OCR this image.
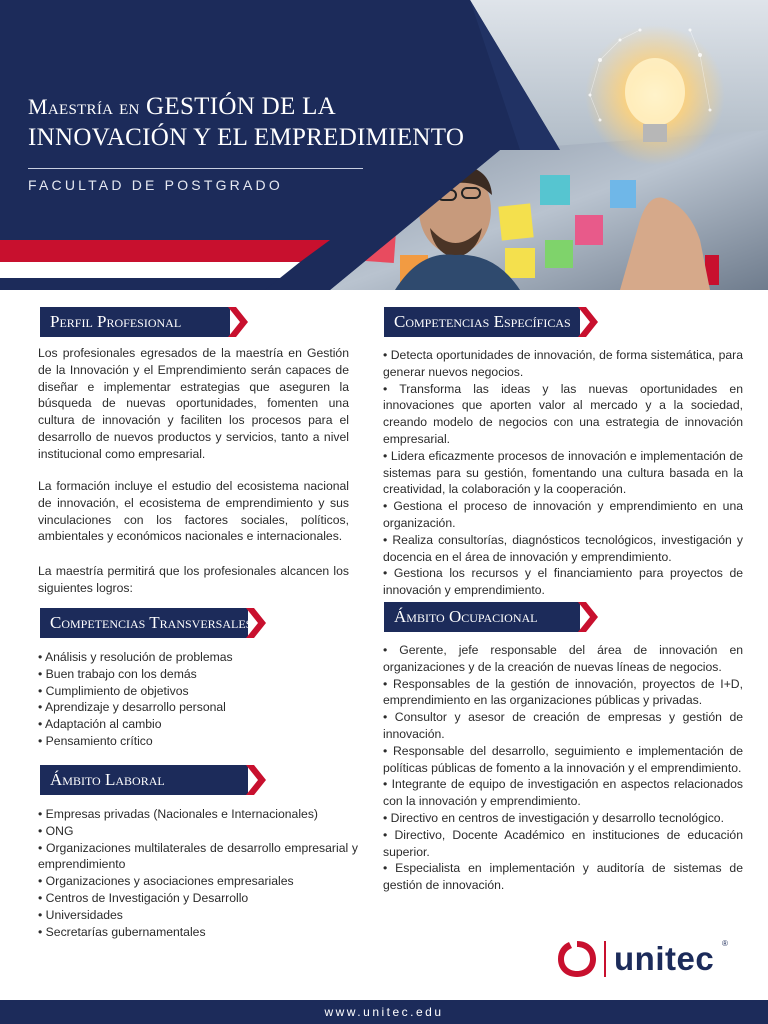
Maestría en GESTIÓN DE LA
INNOVACIÓN Y EL EMPREDIMIENTO
FACULTAD DE POSTGRADO
Perfil Profesional
Los profesionales egresados de la maestría en Gestión de la Innovación y el Emprendimiento serán capaces de diseñar e implementar estrategias que aseguren la búsqueda de nuevas oportunidades, fomenten una cultura de innovación y faciliten los procesos para el desarrollo de nuevos productos y servicios, tanto a nivel institucional como empresarial.
La formación incluye el estudio del ecosistema nacional de innovación, el ecosistema de emprendimiento y sus vinculaciones con los factores sociales, políticos, ambientales y económicos nacionales e internacionales.
La maestría permitirá que los profesionales alcancen los siguientes logros:
Competencias Transversales
• Análisis y resolución de problemas
• Buen trabajo con los demás
• Cumplimiento de objetivos
• Aprendizaje y desarrollo personal
• Adaptación al cambio
• Pensamiento crítico
Ámbito Laboral
• Empresas privadas (Nacionales e Internacionales)
• ONG
• Organizaciones multilaterales de desarrollo empresarial y emprendimiento
• Organizaciones y asociaciones empresariales
• Centros de Investigación y Desarrollo
• Universidades
• Secretarías gubernamentales
Competencias Específicas
• Detecta oportunidades de innovación, de forma sistemática, para generar nuevos negocios.
• Transforma las ideas y las nuevas oportunidades en innovaciones que aporten valor al mercado y a la sociedad, creando modelo de negocios con una estrategia de innovación empresarial.
• Lidera eficazmente procesos de innovación e implementación de sistemas para su gestión, fomentando una cultura basada en la creatividad, la colaboración y la cooperación.
• Gestiona el proceso de innovación y emprendimiento en una organización.
• Realiza consultorías, diagnósticos tecnológicos, investigación y docencia en el área de innovación y emprendimiento.
• Gestiona los recursos y el financiamiento para proyectos de innovación y emprendimiento.
Ámbito Ocupacional
• Gerente, jefe responsable del área de innovación en organizaciones y de la creación de nuevas líneas de negocios.
• Responsables de la gestión de innovación, proyectos de I+D, emprendimiento en las organizaciones públicas y privadas.
• Consultor y asesor de creación de empresas y gestión de innovación.
• Responsable del desarrollo, seguimiento e implementación de políticas públicas de fomento a la innovación y el emprendimiento.
• Integrante de equipo de investigación en aspectos relacionados con la innovación y emprendimiento.
• Directivo en centros de investigación y desarrollo tecnológico.
• Directivo, Docente Académico en instituciones de educación superior.
• Especialista en implementación y auditoría de sistemas de gestión de innovación.
ut unitec ®
www.unitec.edu
